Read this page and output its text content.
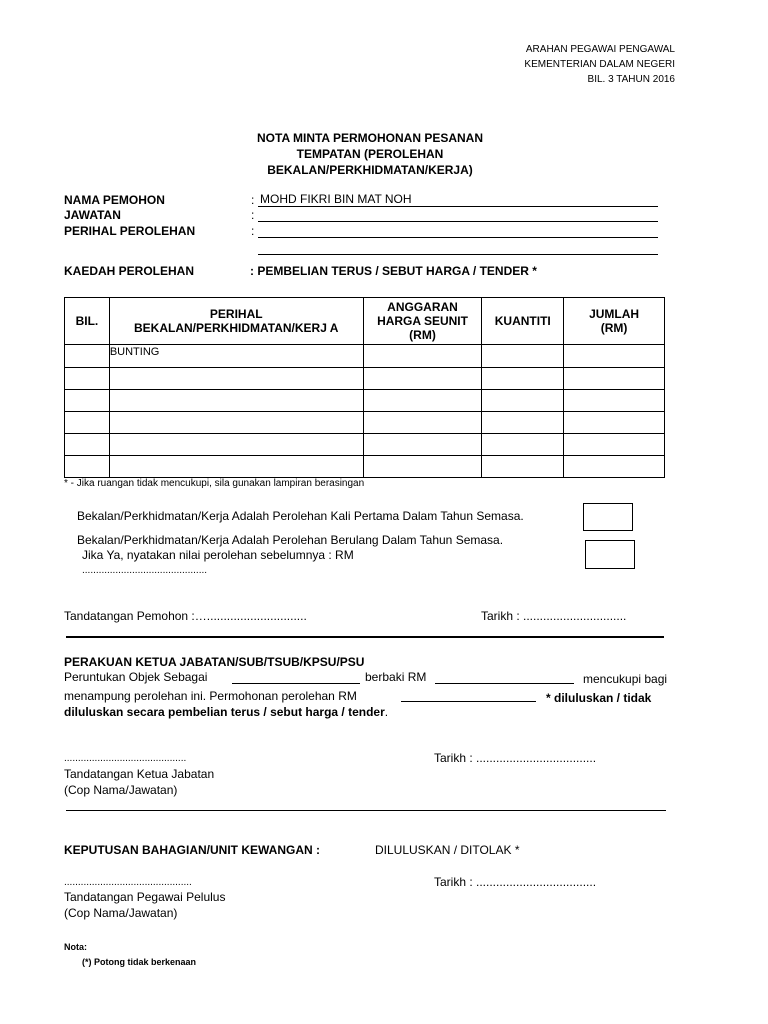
ARAHAN PEGAWAI PENGAWAL
KEMENTERIAN DALAM NEGERI
BIL. 3 TAHUN 2016
NOTA MINTA PERMOHONAN PESANAN
TEMPATAN (PEROLEHAN
BEKALAN/PERKHIDMATAN/KERJA)
NAMA PEMOHON	: MOHD FIKRI BIN MAT NOH
JAWATAN	:
PERIHAL PEROLEHAN	:
KAEDAH PEROLEHAN	: PEMBELIAN TERUS / SEBUT HARGA / TENDER *
BIL.	PERIHAL BEKALAN/PERKHIDMATAN/KERJ A	ANGGARAN HARGA SEUNIT (RM)	KUANTITI	JUMLAH (RM)
	BUNTING			

* - Jika ruangan tidak mencukupi, sila gunakan lampiran berasingan
Bekalan/Perkhidmatan/Kerja Adalah Perolehan Kali Pertama Dalam Tahun Semasa.
Bekalan/Perkhidmatan/Kerja Adalah Perolehan Berulang Dalam Tahun Semasa.
Jika Ya, nyatakan nilai perolehan sebelumnya : RM
.............................................
Tandatangan Pemohon :…..............................	Tarikh : ...............................
PERAKUAN KETUA JABATAN/SUB/TSUB/KPSU/PSU
Peruntukan Objek Sebagai	berbaki RM	mencukupi bagi
menampung perolehan ini. Permohonan perolehan RM	* diluluskan / tidak
diluluskan secara pembelian terus / sebut harga / tender.
............................................	Tarikh : ....................................
Tandatangan Ketua Jabatan
(Cop Nama/Jawatan)
KEPUTUSAN BAHAGIAN/UNIT KEWANGAN :	DILULUSKAN / DITOLAK *
..............................................	Tarikh : ....................................
Tandatangan Pegawai Pelulus
(Cop Nama/Jawatan)
Nota:
(*) Potong tidak berkenaan
